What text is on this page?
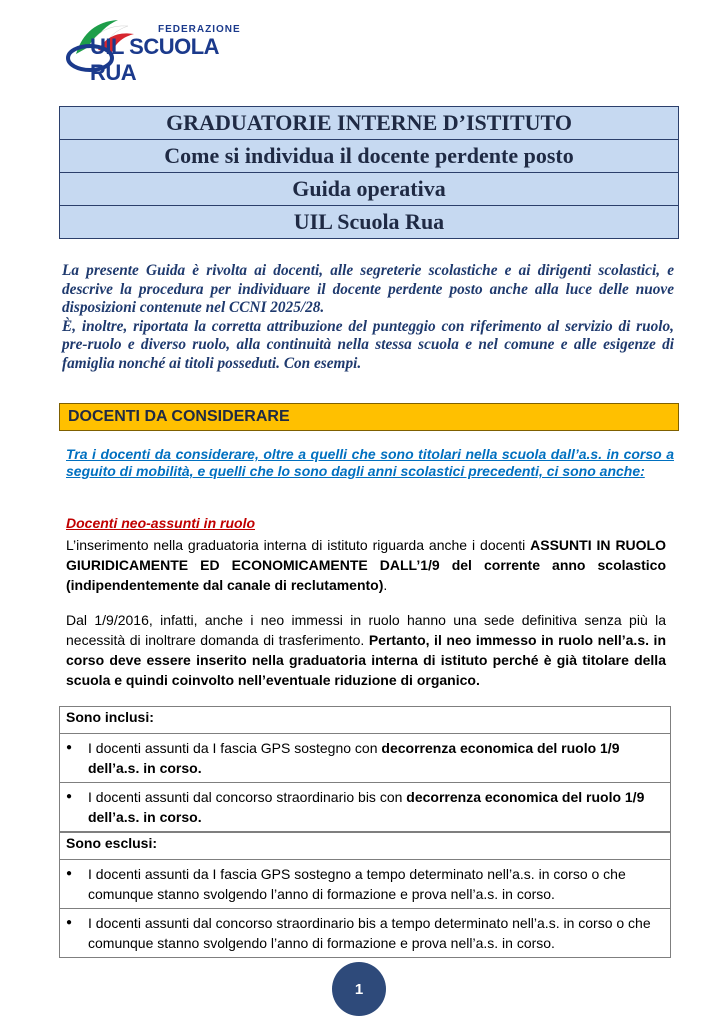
FEDERAZIONE
UIL SCUOLA RUA
GRADUATORIE INTERNE D’ISTITUTO
Come si individua il docente perdente posto
Guida operativa
UIL Scuola Rua

La presente Guida è rivolta ai docenti, alle segreterie scolastiche e ai dirigenti scolastici, e descrive la procedura per individuare il docente perdente posto anche alla luce delle nuove disposizioni contenute nel CCNI 2025/28.

È, inoltre, riportata la corretta attribuzione del punteggio con riferimento al servizio di ruolo, pre-ruolo e diverso ruolo, alla continuità nella stessa scuola e nel comune e alle esigenze di famiglia nonché ai titoli posseduti. Con esempi.

DOCENTI DA CONSIDERARE
Tra i docenti da considerare, oltre a quelli che sono titolari nella scuola dall’a.s. in corso a seguito di mobilità, e quelli che lo sono dagli anni scolastici precedenti, ci sono anche:
Docenti neo-assunti in ruolo
L’inserimento nella graduatoria interna di istituto riguarda anche i docenti ASSUNTI IN RUOLO GIURIDICAMENTE ED ECONOMICAMENTE DALL’1/9 del corrente anno scolastico (indipendentemente dal canale di reclutamento).
Dal 1/9/2016, infatti, anche i neo immessi in ruolo hanno una sede definitiva senza più la necessità di inoltrare domanda di trasferimento. Pertanto, il neo immesso in ruolo nell’a.s. in corso deve essere inserito nella graduatoria interna di istituto perché è già titolare della scuola e quindi coinvolto nell’eventuale riduzione di organico.
Sono inclusi:

●	I docenti assunti da I fascia GPS sostegno con decorrenza economica del ruolo 1/9 dell’a.s. in corso.

●	I docenti assunti dal concorso straordinario bis con decorrenza economica del ruolo 1/9 dell’a.s. in corso.
Sono esclusi:

●	I docenti assunti da I fascia GPS sostegno a tempo determinato nell’a.s. in corso o che comunque stanno svolgendo l’anno di formazione e prova nell’a.s. in corso.

●	I docenti assunti dal concorso straordinario bis a tempo determinato nell’a.s. in corso o che comunque stanno svolgendo l’anno di formazione e prova nell’a.s. in corso.
1
